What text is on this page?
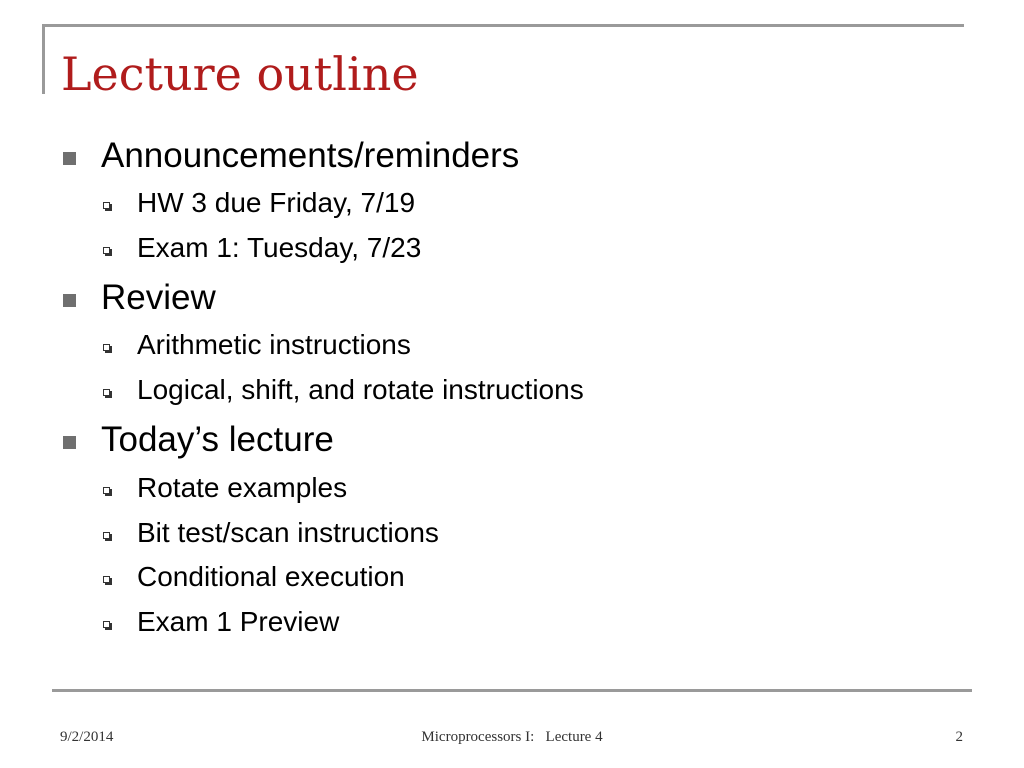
Lecture outline
Announcements/reminders
HW 3 due Friday, 7/19
Exam 1: Tuesday, 7/23
Review
Arithmetic instructions
Logical, shift, and rotate instructions
Today’s lecture
Rotate examples
Bit test/scan instructions
Conditional execution
Exam 1 Preview
9/2/2014	Microprocessors I:   Lecture 4	2
